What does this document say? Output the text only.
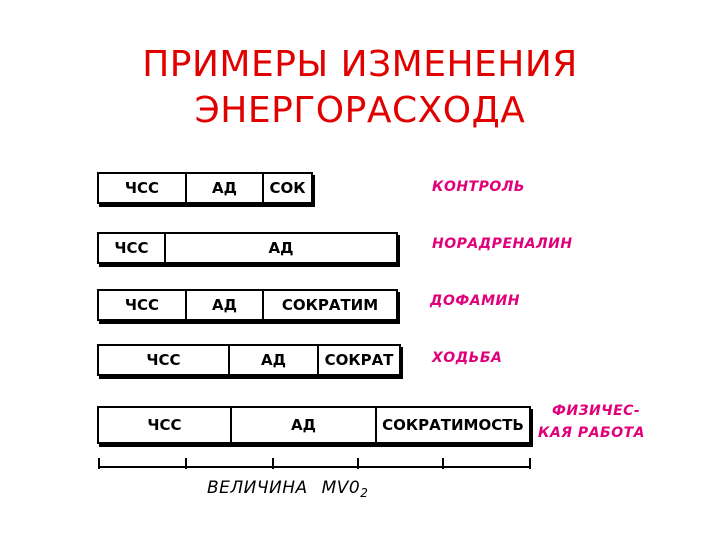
ПРИМЕРЫ ИЗМЕНЕНИЯ
ЭНЕРГОРАСХОДА
ЧСС	АД	СОК	КОНТРОЛЬ
ЧСС	АД	НОРАДРЕНАЛИН
ЧСС	АД	СОКРАТИМ	ДОФАМИН
ЧСС	АД	СОКРАТ	ХОДЬБА
ЧСС	АД	СОКРАТИМОСТЬ
ФИЗИЧЕС-
КАЯ РАБОТА
ВЕЛИЧИНА $MV0_2$
